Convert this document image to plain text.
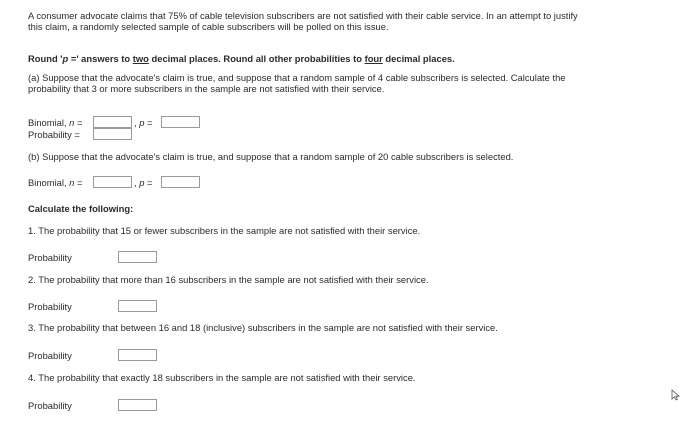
A consumer advocate claims that 75% of cable television subscribers are not satisfied with their cable service. In an attempt to justify

this claim, a randomly selected sample of cable subscribers will be polled on this issue.

Round 'p =' answers to two decimal places. Round all other probabilities to four decimal places.
(a) Suppose that the advocate's claim is true, and suppose that a random sample of 4 cable subscribers is selected. Calculate the
probability that 3 or more subscribers in the sample are not satisfied with their service.
Binomial, n =	, p =
Probability =
(b) Suppose that the advocate's claim is true, and suppose that a random sample of 20 cable subscribers is selected.
Binomial, n =	, p =
Calculate the following:
1. The probability that 15 or fewer subscribers in the sample are not satisfied with their service.
Probability
2. The probability that more than 16 subscribers in the sample are not satisfied with their service.
Probability
3. The probability that between 16 and 18 (inclusive) subscribers in the sample are not satisfied with their service.
Probability
4. The probability that exactly 18 subscribers in the sample are not satisfied with their service.
Probability
